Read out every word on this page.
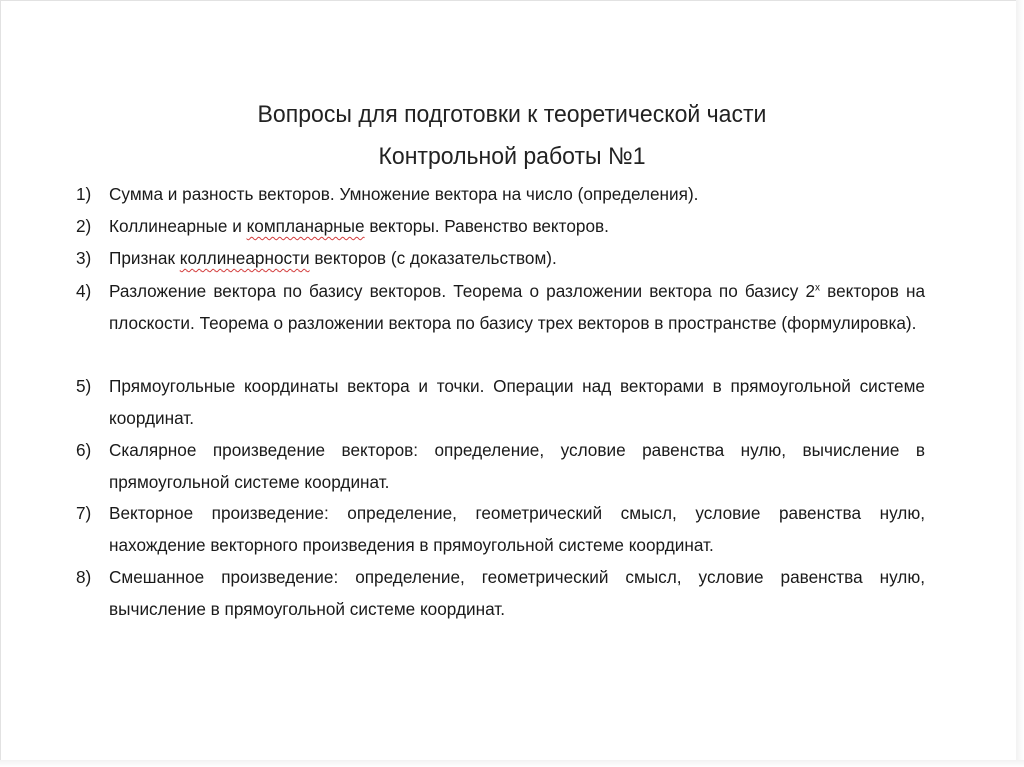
Вопросы для подготовки к теоретической части
Контрольной работы №1
1)	Сумма и разность векторов. Умножение вектора на число (определения).
2)	Коллинеарные и компланарные векторы. Равенство векторов.
3)	Признак коллинеарности векторов (с доказательством).
4)	Разложение вектора по базису векторов. Теорема о разложении вектора по базису $2^х$ векторов на плоскости. Теорема о разложении вектора по базису трех векторов в пространстве (формулировка).
5)	Прямоугольные координаты вектора и точки. Операции над векторами в прямоугольной системе координат.
6)	Скалярное произведение векторов: определение, условие равенства нулю, вычисление в прямоугольной системе координат.
7)	Векторное произведение: определение, геометрический смысл, условие равенства нулю, нахождение векторного произведения в прямоугольной системе координат.
8)	Смешанное произведение: определение, геометрический смысл, условие равенства нулю, вычисление в прямоугольной системе координат.
